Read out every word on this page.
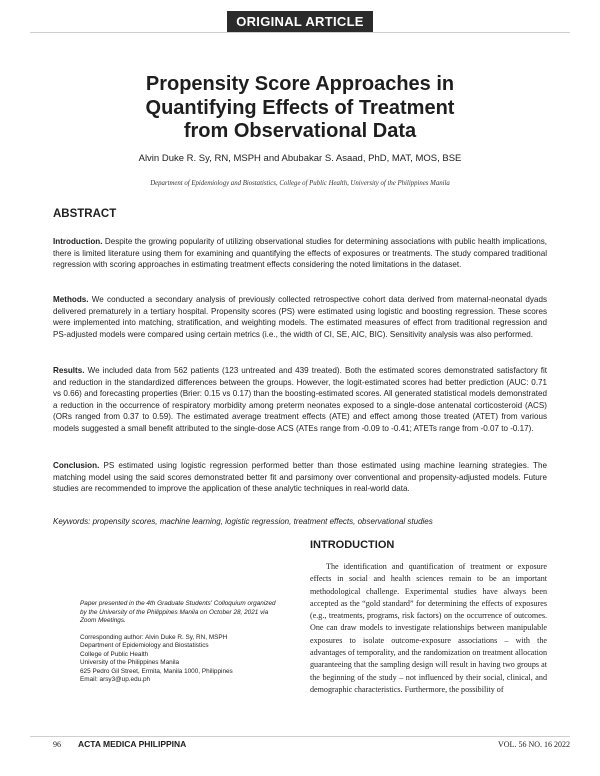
ORIGINAL ARTICLE
Propensity Score Approaches in
Quantifying Effects of Treatment
from Observational Data
Alvin Duke R. Sy, RN, MSPH and Abubakar S. Asaad, PhD, MAT, MOS, BSE
Department of Epidemiology and Biostatistics, College of Public Health, University of the Philippines Manila
ABSTRACT
Introduction. Despite the growing popularity of utilizing observational studies for determining associations with public health implications, there is limited literature using them for examining and quantifying the effects of exposures or treatments. The study compared traditional regression with scoring approaches in estimating treatment effects considering the noted limitations in the dataset.
Methods. We conducted a secondary analysis of previously collected retrospective cohort data derived from maternal-neonatal dyads delivered prematurely in a tertiary hospital. Propensity scores (PS) were estimated using logistic and boosting regression. These scores were implemented into matching, stratification, and weighting models. The estimated measures of effect from traditional regression and PS-adjusted models were compared using certain metrics (i.e., the width of CI, SE, AIC, BIC). Sensitivity analysis was also performed.
Results. We included data from 562 patients (123 untreated and 439 treated). Both the estimated scores demonstrated satisfactory fit and reduction in the standardized differences between the groups. However, the logit-estimated scores had better prediction (AUC: 0.71 vs 0.66) and forecasting properties (Brier: 0.15 vs 0.17) than the boosting-estimated scores. All generated statistical models demonstrated a reduction in the occurrence of respiratory morbidity among preterm neonates exposed to a single-dose antenatal corticosteroid (ACS) (ORs ranged from 0.37 to 0.59). The estimated average treatment effects (ATE) and effect among those treated (ATET) from various models suggested a small benefit attributed to the single-dose ACS (ATEs range from -0.09 to -0.41; ATETs range from -0.07 to -0.17).
Conclusion. PS estimated using logistic regression performed better than those estimated using machine learning strategies. The matching model using the said scores demonstrated better fit and parsimony over conventional and propensity-adjusted models. Future studies are recommended to improve the application of these analytic techniques in real-world data.
Keywords: propensity scores, machine learning, logistic regression, treatment effects, observational studies
INTRODUCTION
The identification and quantification of treatment or exposure effects in social and health sciences remain to be an important methodological challenge. Experimental studies have always been accepted as the “gold standard” for determining the effects of exposures (e.g., treatments, programs, risk factors) on the occurrence of outcomes. One can draw models to investigate relationships between manipulable exposures to isolate outcome-exposure associations – with the advantages of temporality, and the randomization on treatment allocation guaranteeing that the sampling design will result in having two groups at the beginning of the study – not influenced by their social, clinical, and demographic characteristics. Furthermore, the possibility of
Paper presented in the 4th Graduate Students' Colloquium organized by the University of the Philippines Manila on October 28, 2021 via Zoom Meetings.
Corresponding author: Alvin Duke R. Sy, RN, MSPH
Department of Epidemiology and Biostatistics
College of Public Health
University of the Philippines Manila
625 Pedro Gil Street, Ermita, Manila 1000, Philippines
Email: arsy3@up.edu.ph
96 ACTA MEDICA PHILIPPINA	VOL. 56 NO. 16 2022
